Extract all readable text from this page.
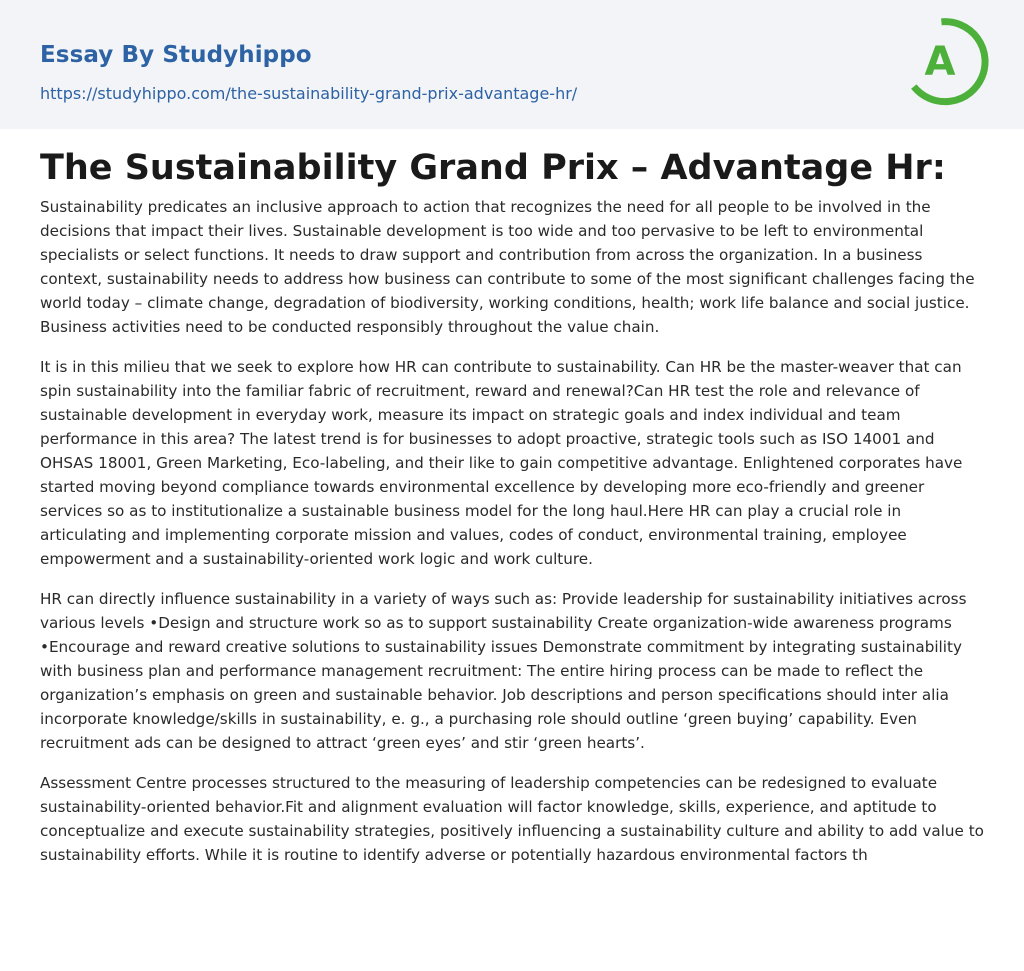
Essay By Studyhippo
https://studyhippo.com/the-sustainability-grand-prix-advantage-hr/
A
The Sustainability Grand Prix – Advantage Hr:

Sustainability predicates an inclusive approach to action that recognizes the need for all people to be involved in the decisions that impact their lives. Sustainable development is too wide and too pervasive to be left to environmental specialists or select functions. It needs to draw support and contribution from across the organization. In a business context, sustainability needs to address how business can contribute to some of the most significant challenges facing the world today – climate change, degradation of biodiversity, working conditions, health; work life balance and social justice. Business activities need to be conducted responsibly throughout the value chain.

It is in this milieu that we seek to explore how HR can contribute to sustainability. Can HR be the master-weaver that can spin sustainability into the familiar fabric of recruitment, reward and renewal?Can HR test the role and relevance of sustainable development in everyday work, measure its impact on strategic goals and index individual and team performance in this area? The latest trend is for businesses to adopt proactive, strategic tools such as ISO 14001 and OHSAS 18001, Green Marketing, Eco-labeling, and their like to gain competitive advantage. Enlightened corporates have started moving beyond compliance towards environmental excellence by developing more eco-friendly and greener services so as to institutionalize a sustainable business model for the long haul.Here HR can play a crucial role in articulating and implementing corporate mission and values, codes of conduct, environmental training, employee empowerment and a sustainability-oriented work logic and work culture.

HR can directly influence sustainability in a variety of ways such as: Provide leadership for sustainability initiatives across various levels •Design and structure work so as to support sustainability Create organization-wide awareness programs •Encourage and reward creative solutions to sustainability issues Demonstrate commitment by integrating sustainability with business plan and performance management recruitment: The entire hiring process can be made to reflect the organization’s emphasis on green and sustainable behavior. Job descriptions and person specifications should inter alia incorporate knowledge/skills in sustainability, e. g., a purchasing role should outline ‘green buying’ capability. Even recruitment ads can be designed to attract ‘green eyes’ and stir ‘green hearts’.

Assessment Centre processes structured to the measuring of leadership competencies can be redesigned to evaluate sustainability-oriented behavior.Fit and alignment evaluation will factor knowledge, skills, experience, and aptitude to conceptualize and execute sustainability strategies, positively influencing a sustainability culture and ability to add value to sustainability efforts. While it is routine to identify adverse or potentially hazardous environmental factors th
